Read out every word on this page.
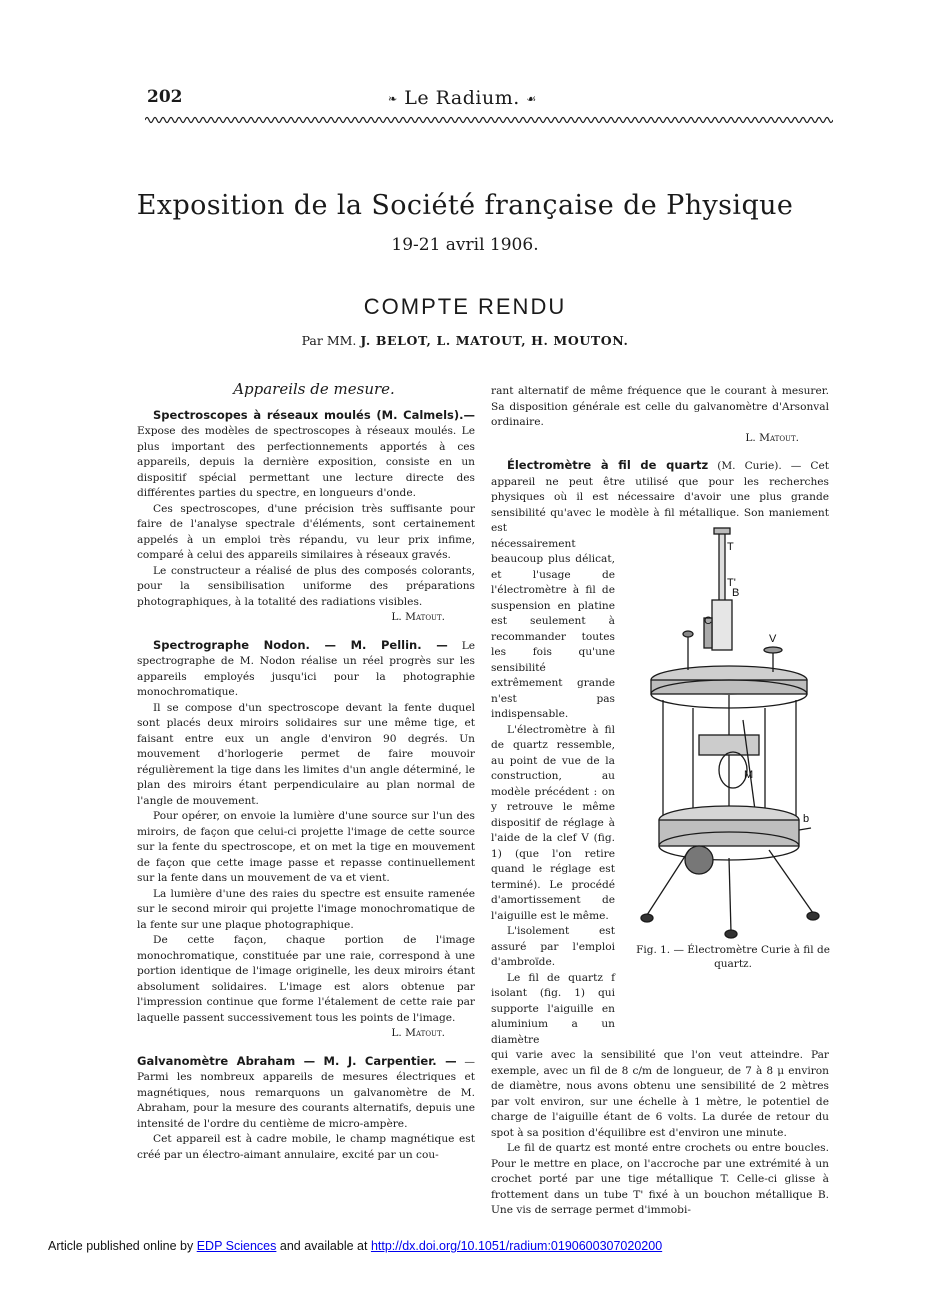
202	❧ Le Radium. ☙
Exposition de la Société française de Physique
19-21 avril 1906.
COMPTE RENDU
Par MM. J. BELOT, L. MATOUT, H. MOUTON.

Appareils de mesure.

Spectroscopes à réseaux moulés (M. Calmels).— Expose des modèles de spectroscopes à réseaux moulés. Le plus important des perfectionnements apportés à ces appareils, depuis la dernière exposition, consiste en un dispositif spécial permettant une lecture directe des différentes parties du spectre, en longueurs d'onde.

Ces spectroscopes, d'une précision très suffisante pour faire de l'analyse spectrale d'éléments, sont certainement appelés à un emploi très répandu, vu leur prix infime, comparé à celui des appareils similaires à réseaux gravés.

Le constructeur a réalisé de plus des composés colorants, pour la sensibilisation uniforme des préparations photographiques, à la totalité des radiations visibles.

L. Matout.

Spectrographe Nodon. — M. Pellin. — Le spectrographe de M. Nodon réalise un réel progrès sur les appareils employés jusqu'ici pour la photographie monochromatique.

Il se compose d'un spectroscope devant la fente duquel sont placés deux miroirs solidaires sur une même tige, et faisant entre eux un angle d'environ 90 degrés. Un mouvement d'horlogerie permet de faire mouvoir régulièrement la tige dans les limites d'un angle déterminé, le plan des miroirs étant perpendiculaire au plan normal de l'angle de mouvement.

Pour opérer, on envoie la lumière d'une source sur l'un des miroirs, de façon que celui-ci projette l'image de cette source sur la fente du spectroscope, et on met la tige en mouvement de façon que cette image passe et repasse continuellement sur la fente dans un mouvement de va et vient.

La lumière d'une des raies du spectre est ensuite ramenée sur le second miroir qui projette l'image monochromatique de la fente sur une plaque photographique.

De cette façon, chaque portion de l'image monochromatique, constituée par une raie, correspond à une portion identique de l'image originelle, les deux miroirs étant absolument solidaires. L'image est alors obtenue par l'impression continue que forme l'étalement de cette raie par laquelle passent successivement tous les points de l'image.

L. Matout.

Galvanomètre Abraham — M. J. Carpentier. — — Parmi les nombreux appareils de mesures électriques et magnétiques, nous remarquons un galvanomètre de M. Abraham, pour la mesure des courants alternatifs, depuis une intensité de l'ordre du centième de micro-ampère.

Cet appareil est à cadre mobile, le champ magnétique est créé par un électro-aimant annulaire, excité par un cou-

rant alternatif de même fréquence que le courant à mesurer. Sa disposition générale est celle du galvanomètre d'Arsonval ordinaire.

L. Matout.

Électromètre à fil de quartz (M. Curie). — Cet appareil ne peut être utilisé que pour les recherches physiques où il est nécessaire d'avoir une plus grande sensibilité qu'avec le modèle à fil métallique. Son maniement est

nécessairement beaucoup plus délicat, et l'usage de l'électromètre à fil de suspension en platine est seulement à recommander toutes les fois qu'une sensibilité extrêmement grande n'est pas indispensable.

L'électromètre à fil de quartz ressemble, au point de vue de la construction, au modèle précédent : on y retrouve le même dispositif de réglage à l'aide de la clef V (fig. 1) (que l'on retire quand le réglage est terminé). Le procédé d'amortissement de l'aiguille est le même.

L'isolement est assuré par l'emploi d'ambroïde.

Le fil de quartz f isolant (fig. 1) qui supporte l'aiguille en aluminium a un diamètre

qui varie avec la sensibilité que l'on veut atteindre. Par exemple, avec un fil de 8 c/m de longueur, de 7 à 8 μ environ de diamètre, nous avons obtenu une sensibilité de 2 mètres par volt environ, sur une échelle à 1 mètre, le potentiel de charge de l'aiguille étant de 6 volts. La durée de retour du spot à sa position d'équilibre est d'environ une minute.

Le fil de quartz est monté entre crochets ou entre boucles. Pour le mettre en place, on l'accroche par une extrémité à un crochet porté par une tige métallique T. Celle-ci glisse à frottement dans un tube T' fixé à un bouchon métallique B. Une vis de serrage permet d'immobi-

T
T'
B
C
V
M
b
Fig. 1. — Électromètre Curie à fil de quartz.
Article published online by EDP Sciences and available at http://dx.doi.org/10.1051/radium:0190600307020200
